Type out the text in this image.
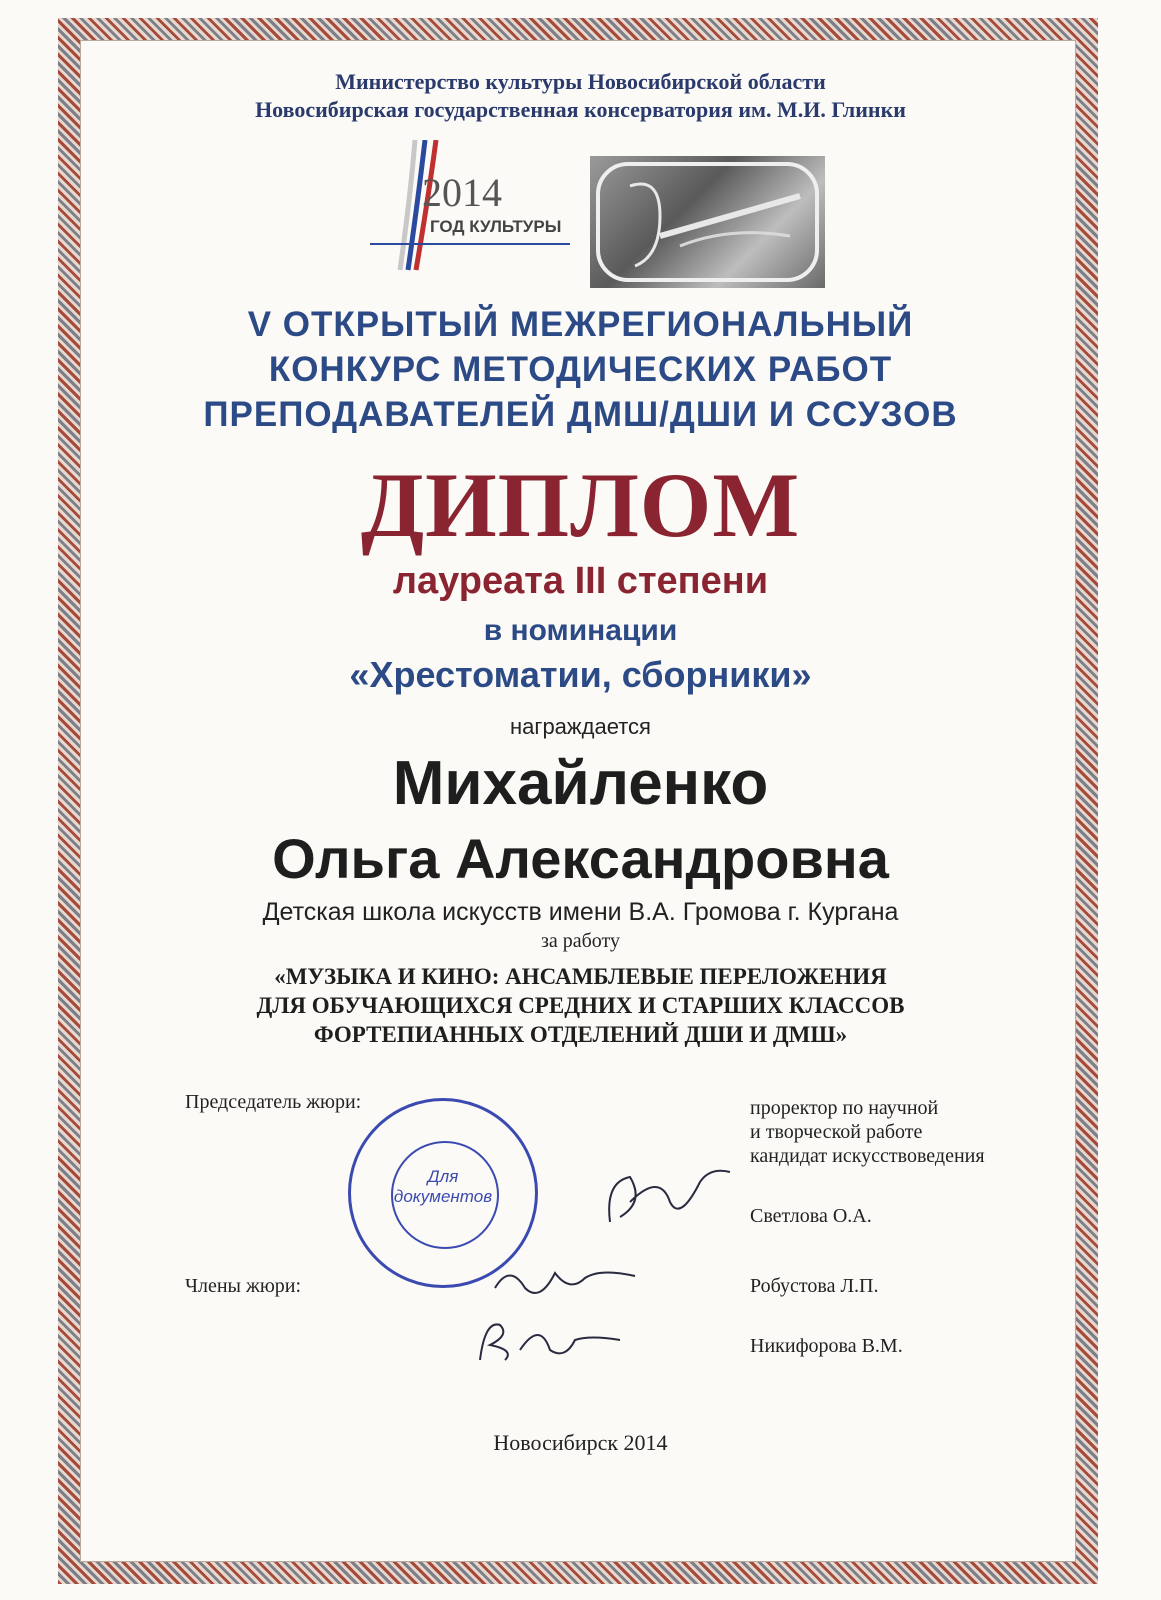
Министерство культуры Новосибирской области
Новосибирская государственная консерватория им. М.И. Глинки
2014
ГОД КУЛЬТУРЫ
V ОТКРЫТЫЙ МЕЖРЕГИОНАЛЬНЫЙ
КОНКУРС МЕТОДИЧЕСКИХ РАБОТ
ПРЕПОДАВАТЕЛЕЙ ДМШ/ДШИ И ССУЗОВ
ДИПЛОМ
лауреата III степени
в номинации
«Хрестоматии, сборники»
награждается
Михайленко
Ольга Александровна
Детская школа искусств имени В.А. Громова г. Кургана
за работу
«МУЗЫКА И КИНО: АНСАМБЛЕВЫЕ ПЕРЕЛОЖЕНИЯ
ДЛЯ ОБУЧАЮЩИХСЯ СРЕДНИХ И СТАРШИХ КЛАССОВ
ФОРТЕПИАННЫХ ОТДЕЛЕНИЙ ДШИ И ДМШ»
Для
документов
Председатель жюри:	проректор по научной
и творческой работе
кандидат искусствоведения
Светлова О.А.
Члены жюри:	Робустова Л.П.
Никифорова В.М.
Новосибирск 2014
